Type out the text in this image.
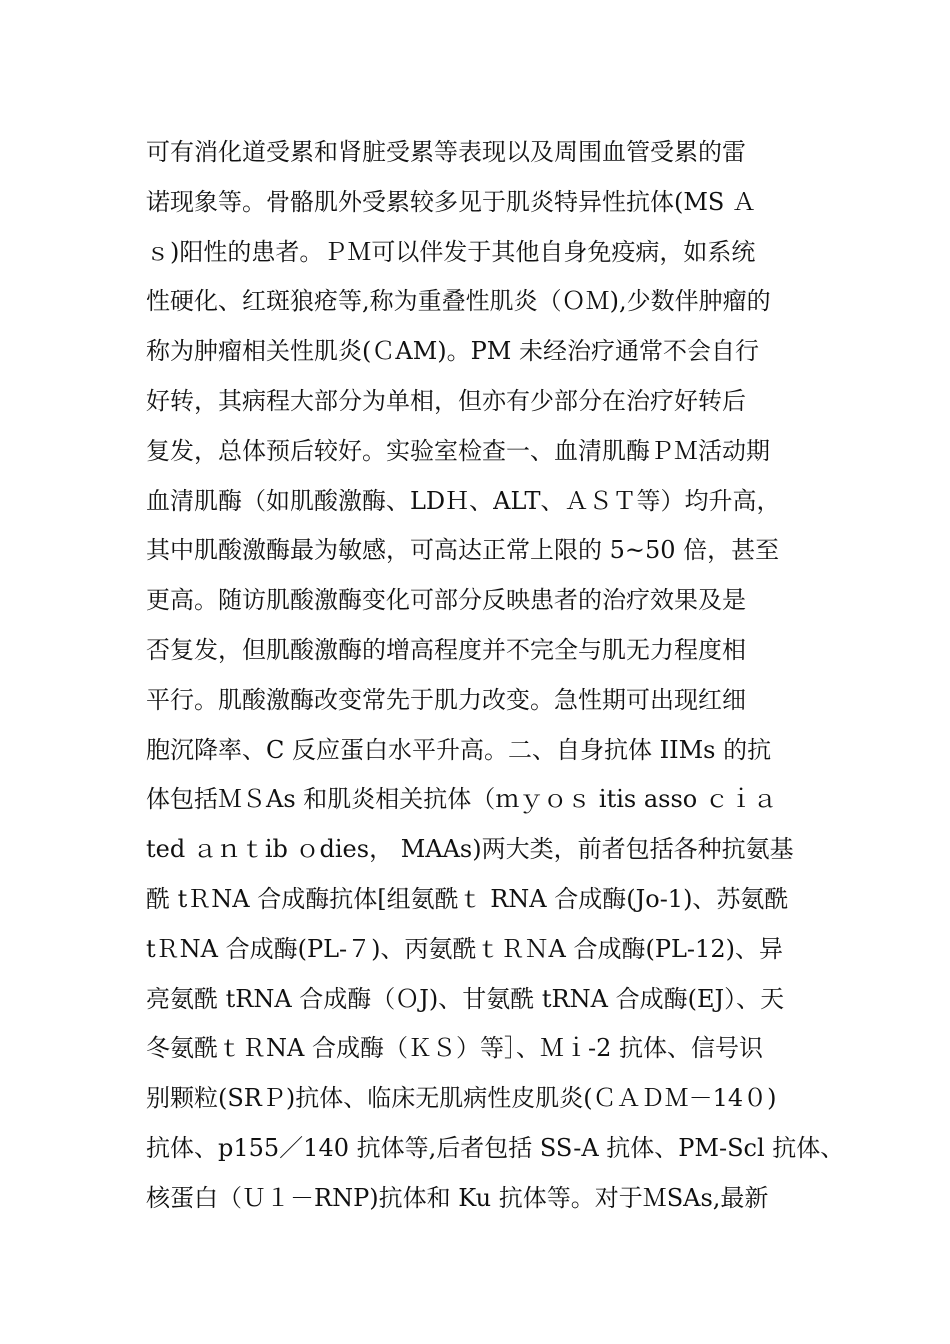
可有消化道受累和肾脏受累等表现以及周围血管受累的雷
诺现象等。骨骼肌外受累较多见于肌炎特异性抗体(MS Ａ
ｓ)阳性的患者。ＰＭ可以伴发于其他自身免疫病，如系统
性硬化、红斑狼疮等,称为重叠性肌炎（ＯＭ),少数伴肿瘤的
称为肿瘤相关性肌炎(ＣAM)。PM 未经治疗通常不会自行
好转，其病程大部分为单相，但亦有少部分在治疗好转后
复发，总体预后较好。实验室检查一、血清肌酶ＰＭ活动期
血清肌酶（如肌酸激酶、LDＨ、ALT、ＡＳＴ等）均升高，
其中肌酸激酶最为敏感，可高达正常上限的 5~50 倍，甚至
更高。随访肌酸激酶变化可部分反映患者的治疗效果及是
否复发，但肌酸激酶的增高程度并不完全与肌无力程度相
平行。肌酸激酶改变常先于肌力改变。急性期可出现红细
胞沉降率、C 反应蛋白水平升高。二、自身抗体 IIMs 的抗
体包括ＭＳAs 和肌炎相关抗体（ｍｙｏｓ itis asso ｃｉａ
ted ａｎｔib ｏdies， MAAs)两大类，前者包括各种抗氨基
酰 tＲNA 合成酶抗体[组氨酰ｔ RNA 合成酶(Jo-1)、苏氨酰
tＲNA 合成酶(PL-７)、丙氨酰ｔＲＮA 合成酶(PL-12)、异
亮氨酰 tRNA 合成酶（ＯJ)、甘氨酰 tRNA 合成酶(EJ）、天
冬氨酰ｔＲNA 合成酶（ＫＳ）等］、Ｍｉ-2 抗体、信号识
别颗粒(SRＰ)抗体、临床无肌病性皮肌炎(ＣＡＤＭ－14０)
抗体、p155／140 抗体等,后者包括 SS-A 抗体、PM-Scl 抗体、
核蛋白（Ｕ１－RNP)抗体和 Ku 抗体等。对于ＭSAs,最新
